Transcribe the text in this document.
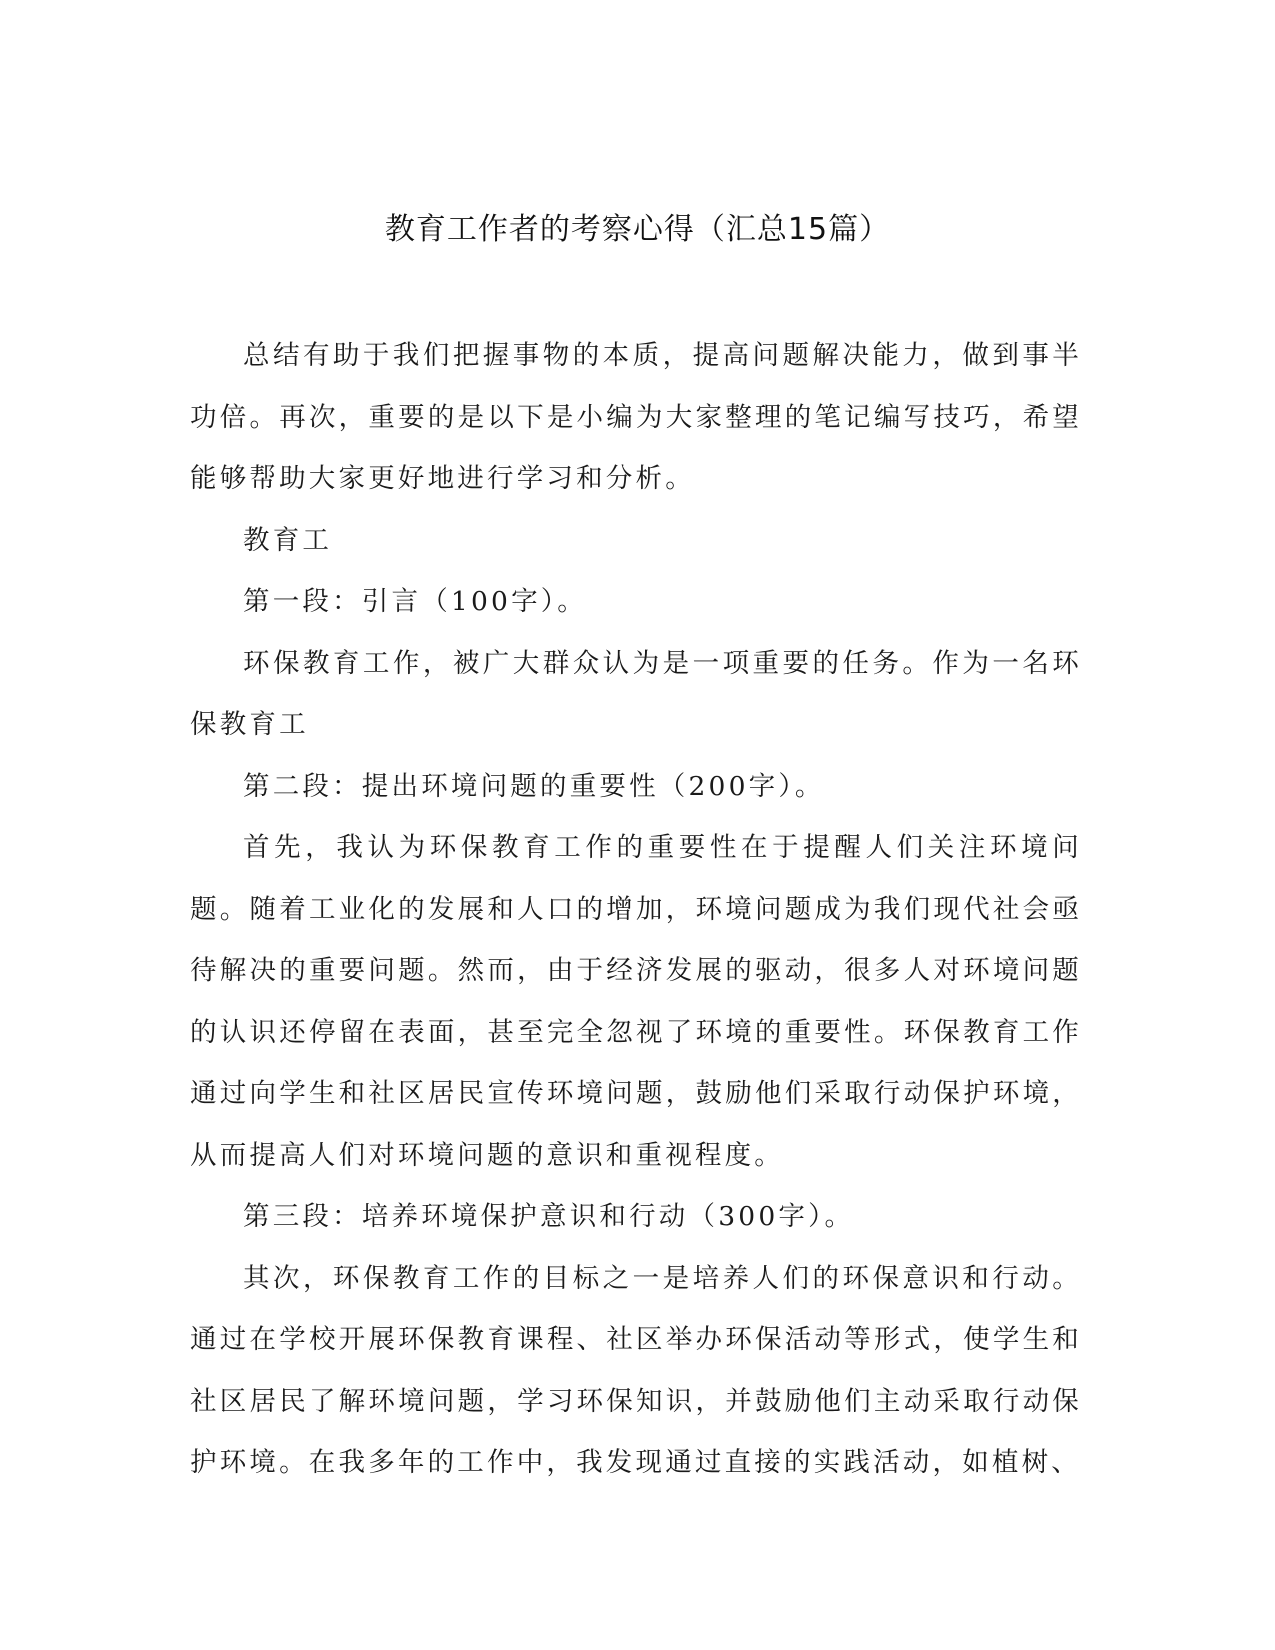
教育工作者的考察心得（汇总15篇）

总结有助于我们把握事物的本质，提高问题解决能力，做到事半功倍。再次，重要的是以下是小编为大家整理的笔记编写技巧，希望能够帮助大家更好地进行学习和分析。

教育工

第一段：引言（100字）。

环保教育工作，被广大群众认为是一项重要的任务。作为一名环保教育工

第二段：提出环境问题的重要性（200字）。

首先，我认为环保教育工作的重要性在于提醒人们关注环境问题。随着工业化的发展和人口的增加，环境问题成为我们现代社会亟待解决的重要问题。然而，由于经济发展的驱动，很多人对环境问题的认识还停留在表面，甚至完全忽视了环境的重要性。环保教育工作通过向学生和社区居民宣传环境问题，鼓励他们采取行动保护环境，从而提高人们对环境问题的意识和重视程度。

第三段：培养环境保护意识和行动（300字）。

其次，环保教育工作的目标之一是培养人们的环保意识和行动。通过在学校开展环保教育课程、社区举办环保活动等形式，使学生和社区居民了解环境问题，学习环保知识，并鼓励他们主动采取行动保护环境。在我多年的工作中，我发现通过直接的实践活动，如植树、
